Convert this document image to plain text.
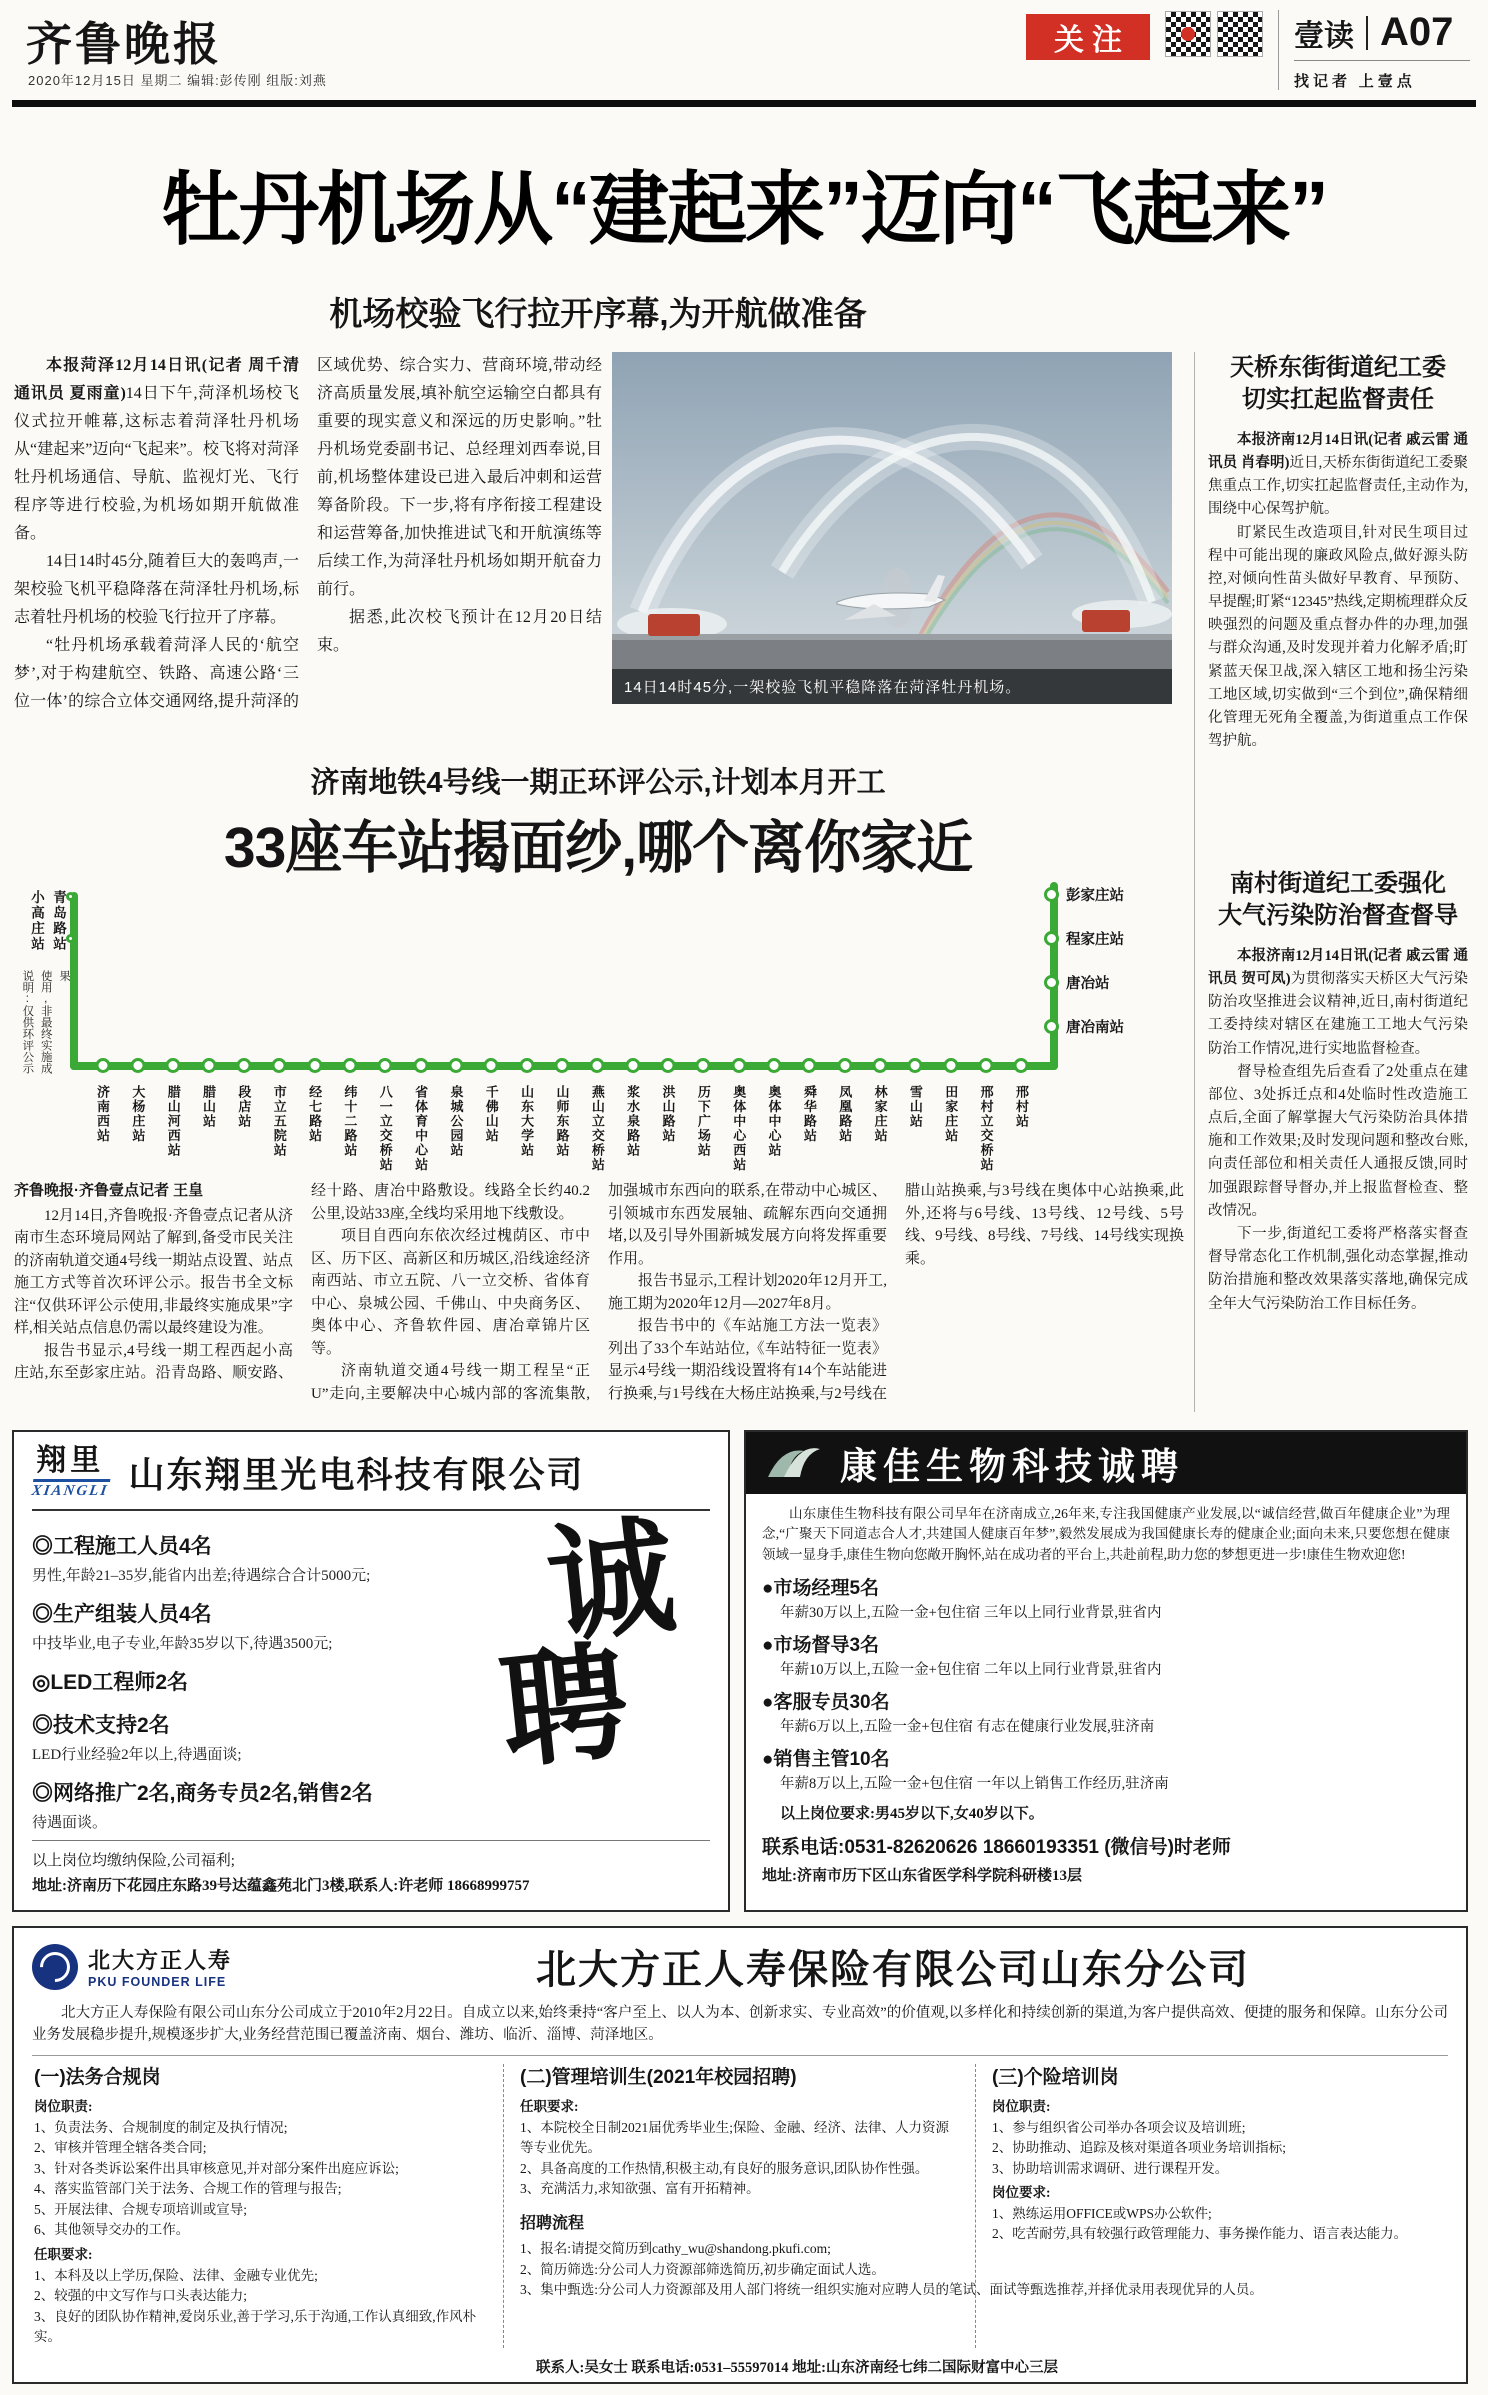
齐鲁晚报
2020年12月15日 星期二 编辑:彭传刚 组版:刘燕
关注	壹读 A07
找记者 上壹点
牡丹机场从“建起来”迈向“飞起来”
机场校验飞行拉开序幕,为开航做准备

本报菏泽12月14日讯(记者 周千清 通讯员 夏雨童)14日下午,菏泽机场校飞仪式拉开帷幕,这标志着菏泽牡丹机场从“建起来”迈向“飞起来”。校飞将对菏泽牡丹机场通信、导航、监视灯光、飞行程序等进行校验,为机场如期开航做准备。

14日14时45分,随着巨大的轰鸣声,一架校验飞机平稳降落在菏泽牡丹机场,标志着牡丹机场的校验飞行拉开了序幕。

“牡丹机场承载着菏泽人民的‘航空梦’,对于构建航空、铁路、高速公路‘三位一体’的综合立体交通网络,提升菏泽的区域优势、综合实力、营商环境,带动经济高质量发展,填补航空运输空白都具有重要的现实意义和深远的历史影响。”牡丹机场党委副书记、总经理刘西奉说,目前,机场整体建设已进入最后冲刺和运营筹备阶段。下一步,将有序衔接工程建设和运营筹备,加快推进试飞和开航演练等后续工作,为菏泽牡丹机场如期开航奋力前行。

据悉,此次校飞预计在12月20日结束。

14日14时45分,一架校验飞机平稳降落在菏泽牡丹机场。
天桥东街街道纪工委
切实扛起监督责任

本报济南12月14日讯(记者 戚云雷 通讯员 肖春明)近日,天桥东街街道纪工委聚焦重点工作,切实扛起监督责任,主动作为,围绕中心保驾护航。

盯紧民生改造项目,针对民生项目过程中可能出现的廉政风险点,做好源头防控,对倾向性苗头做好早教育、早预防、早提醒;盯紧“12345”热线,定期梳理群众反映强烈的问题及重点督办件的办理,加强与群众沟通,及时发现并着力化解矛盾;盯紧蓝天保卫战,深入辖区工地和扬尘污染工地区域,切实做到“三个到位”,确保精细化管理无死角全覆盖,为街道重点工作保驾护航。

南村街道纪工委强化
大气污染防治督查督导

本报济南12月14日讯(记者 戚云雷 通讯员 贺可凤)为贯彻落实天桥区大气污染防治攻坚推进会议精神,近日,南村街道纪工委持续对辖区在建施工工地大气污染防治工作情况,进行实地监督检查。

督导检查组先后查看了2处重点在建部位、3处拆迁点和4处临时性改造施工点后,全面了解掌握大气污染防治具体措施和工作效果;及时发现问题和整改台账,向责任部位和相关责任人通报反馈,同时加强跟踪督导督办,并上报监督检查、整改情况。

下一步,街道纪工委将严格落实督查督导常态化工作机制,强化动态掌握,推动防治措施和整改效果落实落地,确保完成全年大气污染防治工作目标任务。

济南地铁4号线一期正环评公示,计划本月开工
33座车站揭面纱,哪个离你家近
说明:仅供环评公示使用,非最终实施成果
小高庄站 青岛路站
济南西站 大杨庄站 腊山河西站 腊山站 段店站 市立五院站 经七路站 纬十二路站 八一立交桥站 省体育中心站 泉城公园站 千佛山站 山东大学站 山师东路站 燕山立交桥站 浆水泉路站 洪山路站 历下广场站 奥体中心西站 奥体中心站 舜华路站 凤凰路站 林家庄站 雪山站 田家庄站 邢村立交桥站 邢村站
彭家庄站
程家庄站
唐冶站
唐冶南站

齐鲁晚报·齐鲁壹点记者 王皇

12月14日,齐鲁晚报·齐鲁壹点记者从济南市生态环境局网站了解到,备受市民关注的济南轨道交通4号线一期站点设置、站点施工方式等首次环评公示。报告书全文标注“仅供环评公示使用,非最终实施成果”字样,相关站点信息仍需以最终建设为准。

报告书显示,4号线一期工程西起小高庄站,东至彭家庄站。沿青岛路、顺安路、经十路、唐冶中路敷设。线路全长约40.2公里,设站33座,全线均采用地下线敷设。

项目自西向东依次经过槐荫区、市中区、历下区、高新区和历城区,沿线途经济南西站、市立五院、八一立交桥、省体育中心、泉城公园、千佛山、中央商务区、奥体中心、齐鲁软件园、唐冶章锦片区等。

济南轨道交通4号线一期工程呈“正U”走向,主要解决中心城内部的客流集散,加强城市东西向的联系,在带动中心城区、引领城市东西发展轴、疏解东西向交通拥堵,以及引导外围新城发展方向将发挥重要作用。

报告书显示,工程计划2020年12月开工,施工期为2020年12月—2027年8月。

报告书中的《车站施工方法一览表》列出了33个车站站位,《车站特征一览表》显示4号线一期沿线设置将有14个车站能进行换乘,与1号线在大杨庄站换乘,与2号线在腊山站换乘,与3号线在奥体中心站换乘,此外,还将与6号线、13号线、12号线、5号线、9号线、8号线、7号线、14号线实现换乘。

翔里
XIANGLI 山东翔里光电科技有限公司
◎工程施工人员4名
男性,年龄21–35岁,能省内出差;待遇综合合计5000元;
◎生产组装人员4名
中技毕业,电子专业,年龄35岁以下,待遇3500元;
◎LED工程师2名
◎技术支持2名
LED行业经验2年以上,待遇面谈;
◎网络推广2名,商务专员2名,销售2名
待遇面谈。
诚
聘

以上岗位均缴纳保险,公司福利;

地址:济南历下花园庄东路39号达蕴鑫苑北门3楼,联系人:许老师 18668999757

康佳生物科技诚聘

山东康佳生物科技有限公司早年在济南成立,26年来,专注我国健康产业发展,以“诚信经营,做百年健康企业”为理念,“广聚天下同道志合人才,共建国人健康百年梦”,毅然发展成为我国健康长寿的健康企业;面向未来,只要您想在健康领域一显身手,康佳生物向您敞开胸怀,站在成功者的平台上,共赴前程,助力您的梦想更进一步!康佳生物欢迎您!

●市场经理5名
年薪30万以上,五险一金+包住宿 三年以上同行业背景,驻省内
●市场督导3名
年薪10万以上,五险一金+包住宿 二年以上同行业背景,驻省内
●客服专员30名
年薪6万以上,五险一金+包住宿 有志在健康行业发展,驻济南
●销售主管10名
年薪8万以上,五险一金+包住宿 一年以上销售工作经历,驻济南

以上岗位要求:男45岁以下,女40岁以下。

联系电话:0531-82620626 18660193351 (微信号)时老师

地址:济南市历下区山东省医学科学院科研楼13层

北大方正人寿
PKU FOUNDER LIFE	北大方正人寿保险有限公司山东分公司

北大方正人寿保险有限公司山东分公司成立于2010年2月22日。自成立以来,始终秉持“客户至上、以人为本、创新求实、专业高效”的价值观,以多样化和持续创新的渠道,为客户提供高效、便捷的服务和保障。山东分公司业务发展稳步提升,规模逐步扩大,业务经营范围已覆盖济南、烟台、潍坊、临沂、淄博、菏泽地区。

(一)法务合规岗
岗位职责:
1、负责法务、合规制度的制定及执行情况;
2、审核并管理全辖各类合同;
3、针对各类诉讼案件出具审核意见,并对部分案件出庭应诉讼;
4、落实监管部门关于法务、合规工作的管理与报告;
5、开展法律、合规专项培训或宣导;
6、其他领导交办的工作。
任职要求:
1、本科及以上学历,保险、法律、金融专业优先;
2、较强的中文写作与口头表达能力;
3、良好的团队协作精神,爱岗乐业,善于学习,乐于沟通,工作认真细致,作风朴实。
(二)管理培训生(2021年校园招聘)
任职要求:
1、本院校全日制2021届优秀毕业生;保险、金融、经济、法律、人力资源等专业优先。
2、具备高度的工作热情,积极主动,有良好的服务意识,团队协作性强。
3、充满活力,求知欲强、富有开拓精神。
招聘流程
1、报名:请提交简历到cathy_wu@shandong.pkufi.com;
2、简历筛选:分公司人力资源部筛选简历,初步确定面试人选。
3、集中甄选:分公司人力资源部及用人部门将统一组织实施对应聘人员的笔试、面试等甄选推荐,并择优录用表现优异的人员。
(三)个险培训岗
岗位职责:
1、参与组织省公司举办各项会议及培训班;
2、协助推动、追踪及核对渠道各项业务培训指标;
3、协助培训需求调研、进行课程开发。
岗位要求:
1、熟练运用OFFICE或WPS办公软件;
2、吃苦耐劳,具有较强行政管理能力、事务操作能力、语言表达能力。

联系人:吴女士 联系电话:0531–55597014 地址:山东济南经七纬二国际财富中心三层
